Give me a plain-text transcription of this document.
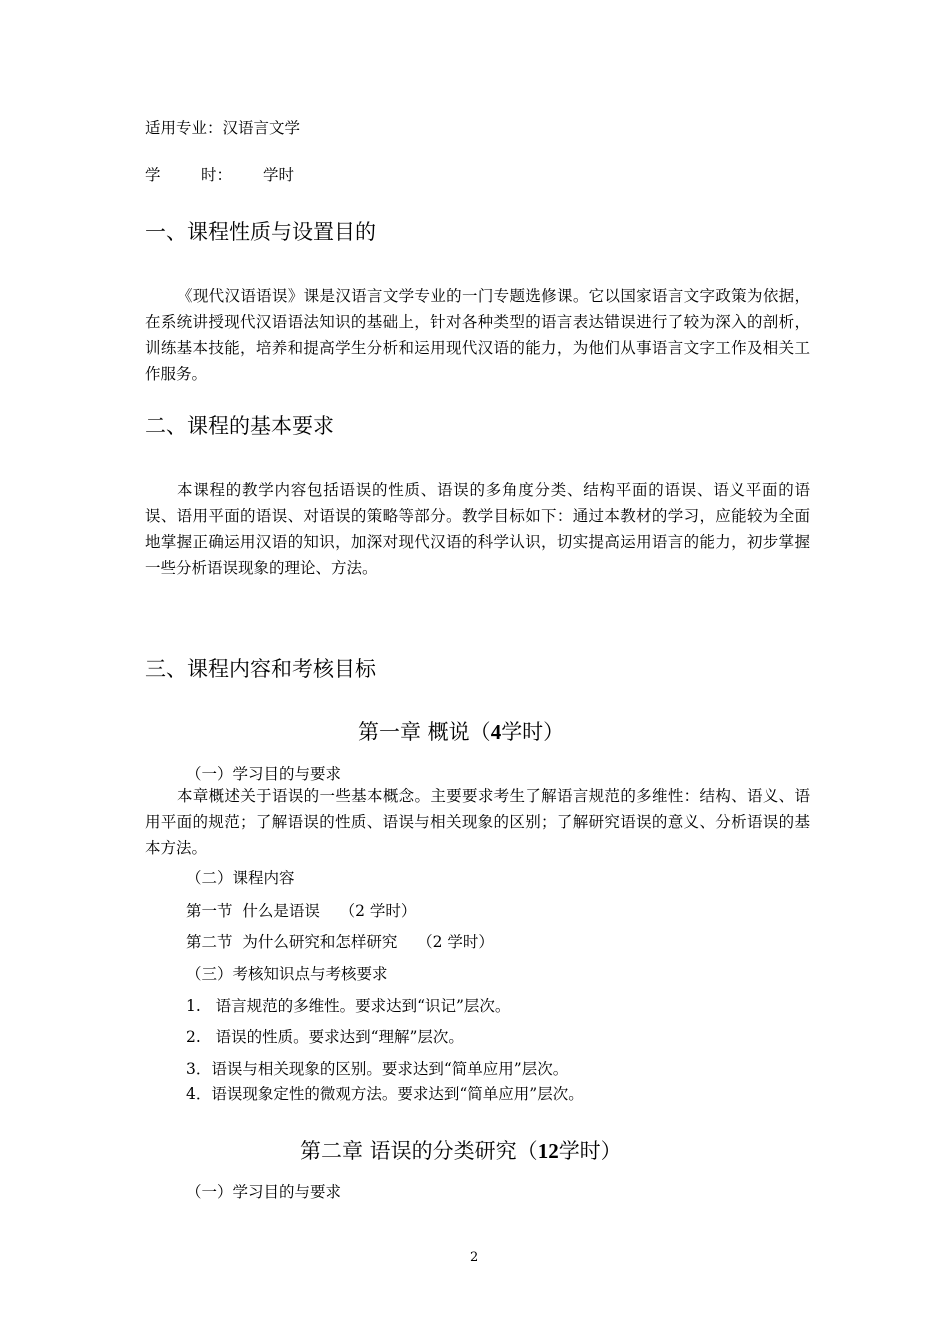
适用专业：汉语言文学

学	时： 学时

一、课程性质与设置目的

《现代汉语语误》课是汉语言文学专业的一门专题选修课。它以国家语言文字政策为依据，在系统讲授现代汉语语法知识的基础上，针对各种类型的语言表达错误进行了较为深入的剖析，训练基本技能，培养和提高学生分析和运用现代汉语的能力，为他们从事语言文字工作及相关工作服务。

二、课程的基本要求

本课程的教学内容包括语误的性质、语误的多角度分类、结构平面的语误、语义平面的语误、语用平面的语误、对语误的策略等部分。教学目标如下：通过本教材的学习，应能较为全面地掌握正确运用汉语的知识，加深对现代汉语的科学认识，切实提高运用语言的能力，初步掌握一些分析语误现象的理论、方法。

三、课程内容和考核目标
第一章 概说（4学时）

（一）学习目的与要求

本章概述关于语误的一些基本概念。主要要求考生了解语言规范的多维性：结构、语义、语用平面的规范；了解语误的性质、语误与相关现象的区别；了解研究语误的意义、分析语误的基本方法。

（二）课程内容

第一节  什么是语误    （2 学时）

第二节  为什么研究和怎样研究    （2 学时）

（三）考核知识点与考核要求

1.   语言规范的多维性。要求达到“识记”层次。

2.   语误的性质。要求达到“理解”层次。

3．语误与相关现象的区别。要求达到“简单应用”层次。

4．语误现象定性的微观方法。要求达到“简单应用”层次。

第二章 语误的分类研究（12学时）

（一）学习目的与要求

2
